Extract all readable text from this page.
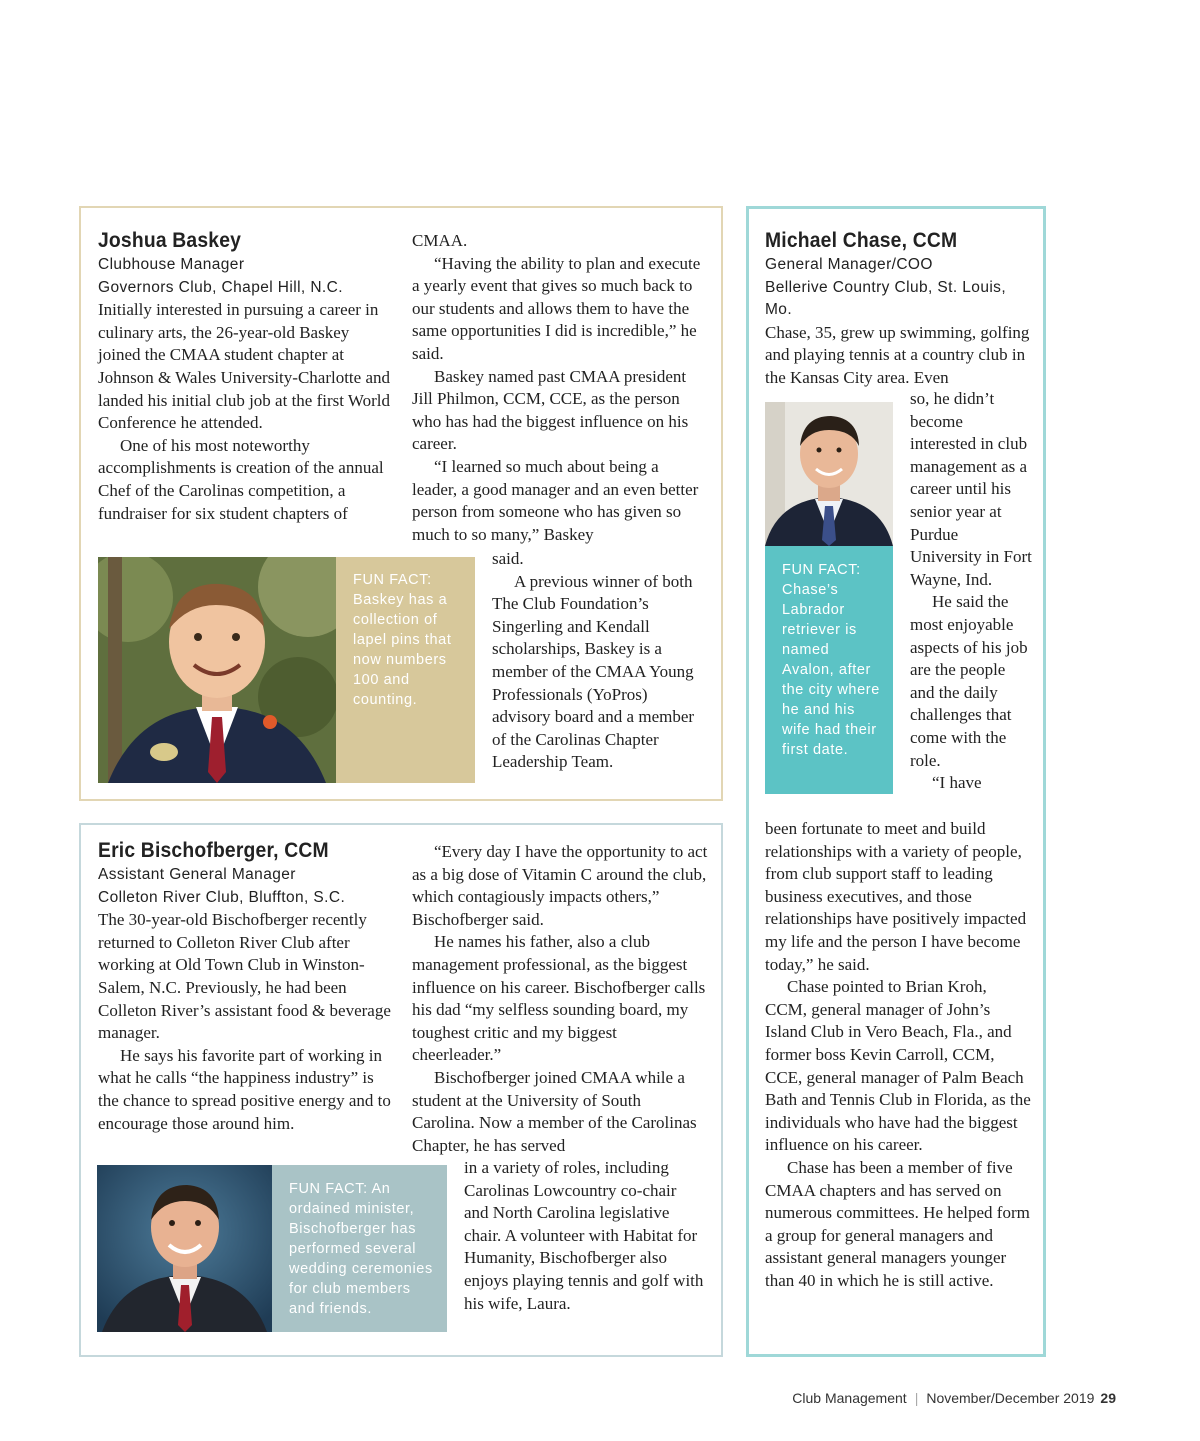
Joshua Baskey
Clubhouse Manager
Governors Club, Chapel Hill, N.C.

Initially interested in pursuing a career in culinary arts, the 26-year-old Baskey joined the CMAA student chapter at Johnson & Wales University-Charlotte and landed his initial club job at the first World Conference he attended.

One of his most noteworthy accomplishments is creation of the annual Chef of the Carolinas competition, a fundraiser for six student chapters of

CMAA.

“Having the ability to plan and execute a yearly event that gives so much back to our students and allows them to have the same opportunities I did is incredible,” he said.

Baskey named past CMAA president Jill Philmon, CCM, CCE, as the person who has had the biggest influence on his career.

“I learned so much about being a leader, a good manager and an even better person from someone who has given so much to so many,” Baskey

said.

A previous winner of both The Club Foundation’s Singerling and Kendall scholarships, Baskey is a member of the CMAA Young Professionals (YoPros) advisory board and a member of the Carolinas Chapter Leadership Team.

FUN FACT: Baskey has a collection of lapel pins that now numbers 100 and counting.
Eric Bischofberger, CCM
Assistant General Manager
Colleton River Club, Bluffton, S.C.

The 30-year-old Bischofberger recently returned to Colleton River Club after working at Old Town Club in Winston-Salem, N.C. Previously, he had been Colleton River’s assistant food & beverage manager.

He says his favorite part of working in what he calls “the happiness industry” is the chance to spread positive energy and to encourage those around him.

“Every day I have the opportunity to act as a big dose of Vitamin C around the club, which contagiously impacts others,” Bischofberger said.

He names his father, also a club management professional, as the biggest influence on his career. Bischofberger calls his dad “my selfless sounding board, my toughest critic and my biggest cheerleader.”

Bischofberger joined CMAA while a student at the University of South Carolina. Now a member of the Carolinas Chapter, he has served

in a variety of roles, including Carolinas Lowcountry co-chair and North Carolina legislative chair. A volunteer with Habitat for Humanity, Bischofberger also enjoys playing tennis and golf with his wife, Laura.

FUN FACT: An ordained minister, Bischofberger has performed several wedding ceremonies for club members and friends.
Michael Chase, CCM
General Manager/COO
Bellerive Country Club, St. Louis, Mo.

Chase, 35, grew up swimming, golfing and playing tennis at a country club in the Kansas City area. Even

FUN FACT: Chase’s Labrador retriever is named Avalon, after the city where he and his wife had their first date.

so, he didn’t become interested in club management as a career until his senior year at Purdue University in Fort Wayne, Ind.

He said the most enjoyable aspects of his job are the people and the daily challenges that come with the role.

“I have

been fortunate to meet and build relationships with a variety of people, from club support staff to leading business executives, and those relationships have positively impacted my life and the person I have become today,” he said.

Chase pointed to Brian Kroh, CCM, general manager of John’s Island Club in Vero Beach, Fla., and former boss Kevin Carroll, CCM, CCE, general manager of Palm Beach Bath and Tennis Club in Florida, as the individuals who have had the biggest influence on his career.

Chase has been a member of five CMAA chapters and has served on numerous committees. He helped form a group for general managers and assistant general managers younger than 40 in which he is still active.

Club Management | November/December 2019 29
